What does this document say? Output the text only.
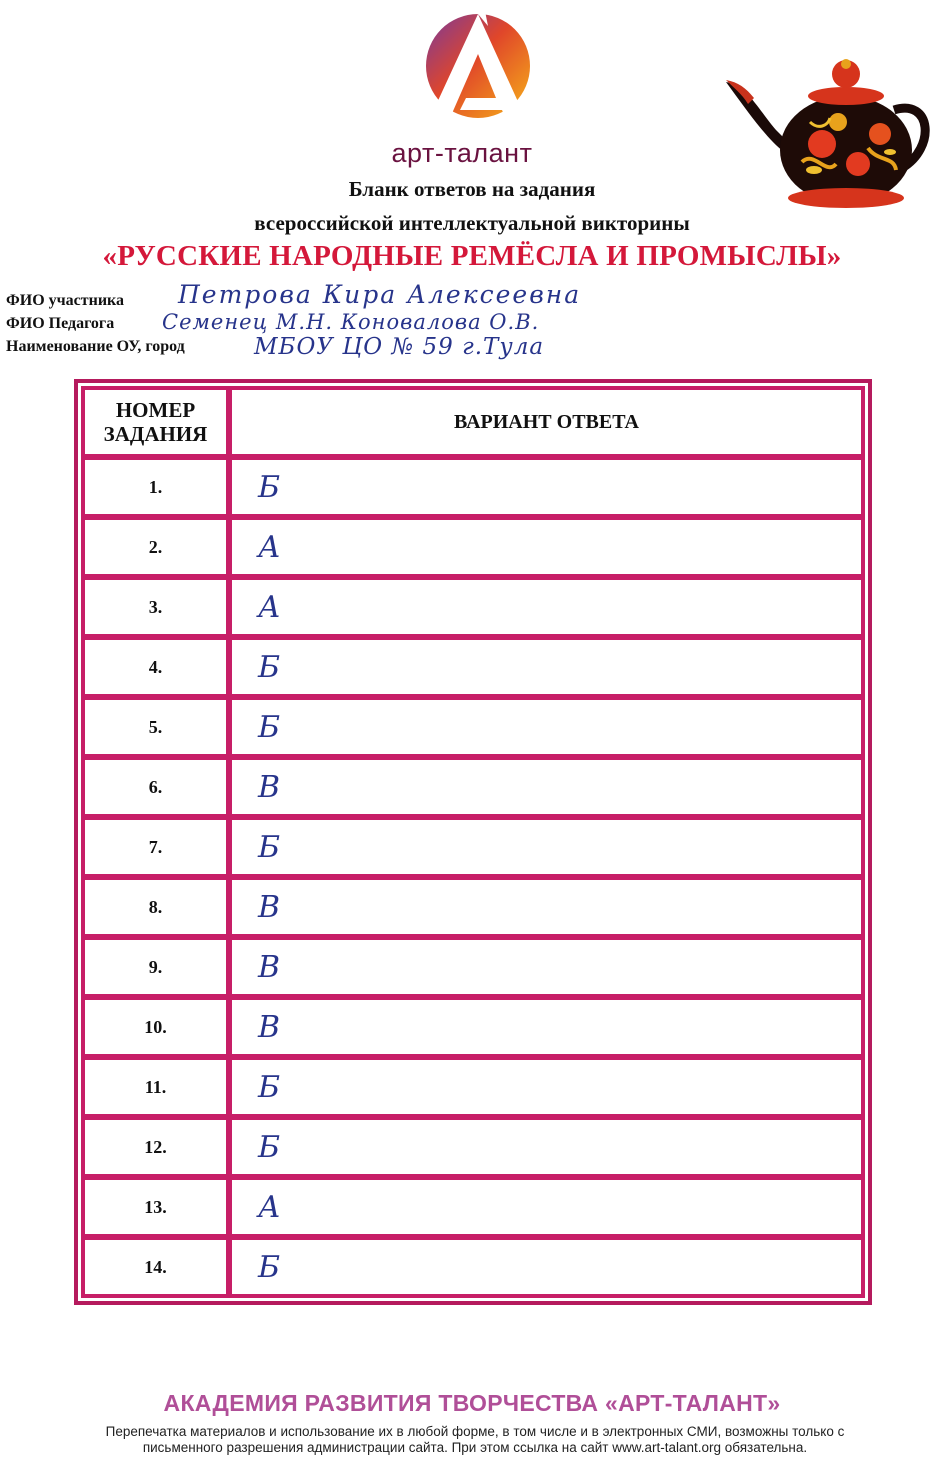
арт-талант
Бланк ответов на задания
всероссийской интеллектуальной викторины
«РУССКИЕ НАРОДНЫЕ РЕМЁСЛА И ПРОМЫСЛЫ»
ФИО участника Петрова Кира Алексеевна
ФИО Педагога Семенец М.Н. Коновалова О.В.
Наименование ОУ, город	МБОУ ЦО № 59 г.Тула
НОМЕР
ЗАДАНИЯ
ВАРИАНТ ОТВЕТА
1.	Б
2.	А
3.	А
4.	Б
5.	Б
6.	В
7.	Б
8.	В
9.	В
10.	В
11.	Б
12.	Б
13.	А
14.	Б
АКАДЕМИЯ РАЗВИТИЯ ТВОРЧЕСТВА «АРТ-ТАЛАНТ»
Перепечатка материалов и использование их в любой форме, в том числе и в электронных СМИ, возможны только с
письменного разрешения администрации сайта. При этом ссылка на сайт www.art-talant.org обязательна.
